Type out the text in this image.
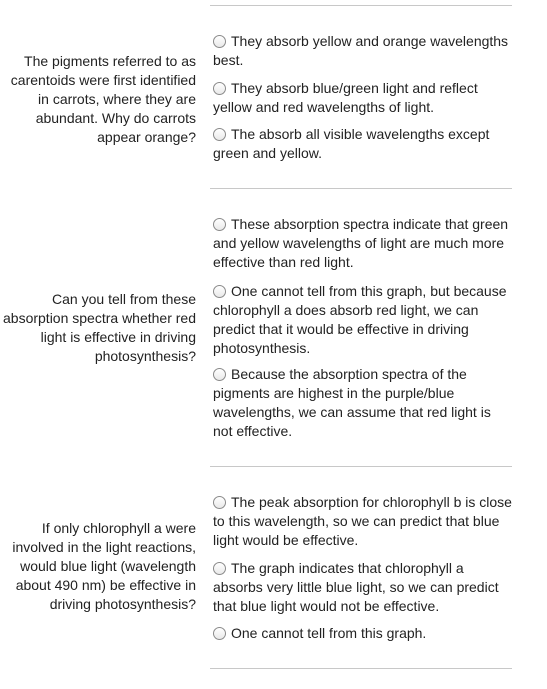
The pigments referred to as carentoids were first identified in carrots, where they are abundant. Why do carrots appear orange?
They absorb yellow and orange wavelengths best.
They absorb blue/green light and reflect yellow and red wavelengths of light.
The absorb all visible wavelengths except green and yellow.
Can you tell from these absorption spectra whether red light is effective in driving photosynthesis?
These absorption spectra indicate that green and yellow wavelengths of light are much more effective than red light.
One cannot tell from this graph, but because chlorophyll a does absorb red light, we can predict that it would be effective in driving photosynthesis.
Because the absorption spectra of the pigments are highest in the purple/blue wavelengths, we can assume that red light is not effective.
If only chlorophyll a were involved in the light reactions, would blue light (wavelength about 490 nm) be effective in driving photosynthesis?
The peak absorption for chlorophyll b is close to this wavelength, so we can predict that blue light would be effective.
The graph indicates that chlorophyll a absorbs very little blue light, so we can predict that blue light would not be effective.
One cannot tell from this graph.
